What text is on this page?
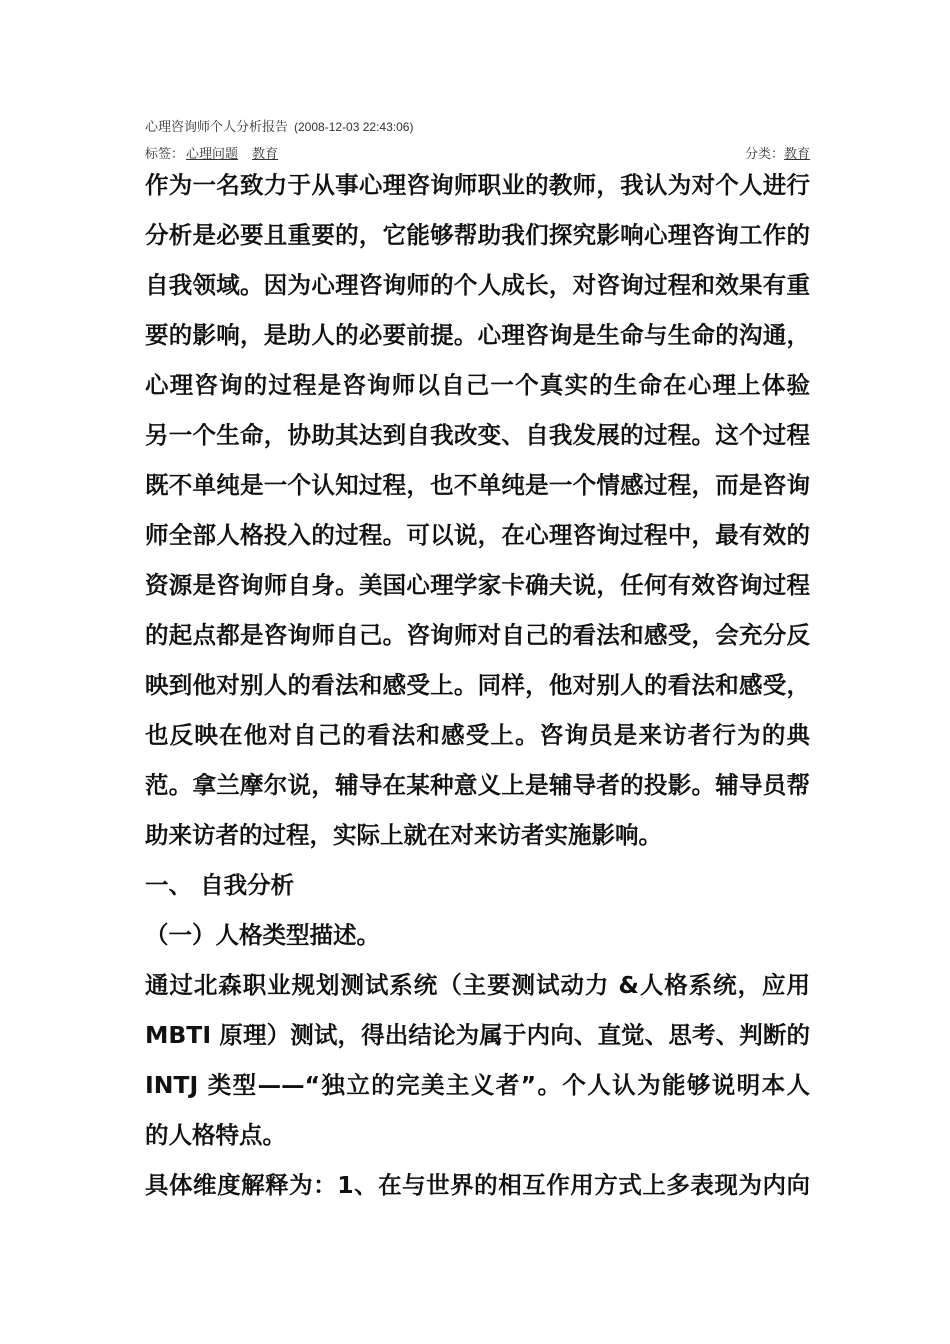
心理咨询师个人分析报告 (2008-12-03 22:43:06)
标签： 心理问题 教育	分类：教育
作为一名致力于从事心理咨询师职业的教师，我认为对个人进行
分析是必要且重要的，它能够帮助我们探究影响心理咨询工作的
自我领域。因为心理咨询师的个人成长，对咨询过程和效果有重
要的影响，是助人的必要前提。心理咨询是生命与生命的沟通，
心理咨询的过程是咨询师以自己一个真实的生命在心理上体验
另一个生命，协助其达到自我改变、自我发展的过程。这个过程
既不单纯是一个认知过程，也不单纯是一个情感过程，而是咨询
师全部人格投入的过程。可以说，在心理咨询过程中，最有效的
资源是咨询师自身。美国心理学家卡确夫说，任何有效咨询过程
的起点都是咨询师自己。咨询师对自己的看法和感受，会充分反
映到他对别人的看法和感受上。同样，他对别人的看法和感受，
也反映在他对自己的看法和感受上。咨询员是来访者行为的典
范。拿兰摩尔说，辅导在某种意义上是辅导者的投影。辅导员帮
助来访者的过程，实际上就在对来访者实施影响。
一、 自我分析
（一）人格类型描述。
通过北森职业规划测试系统（主要测试动力 &人格系统，应用
MBTI 原理）测试，得出结论为属于内向、直觉、思考、判断的
INTJ 类型——“独立的完美主义者”。个人认为能够说明本人
的人格特点。
具体维度解释为：1、在与世界的相互作用方式上多表现为内向
